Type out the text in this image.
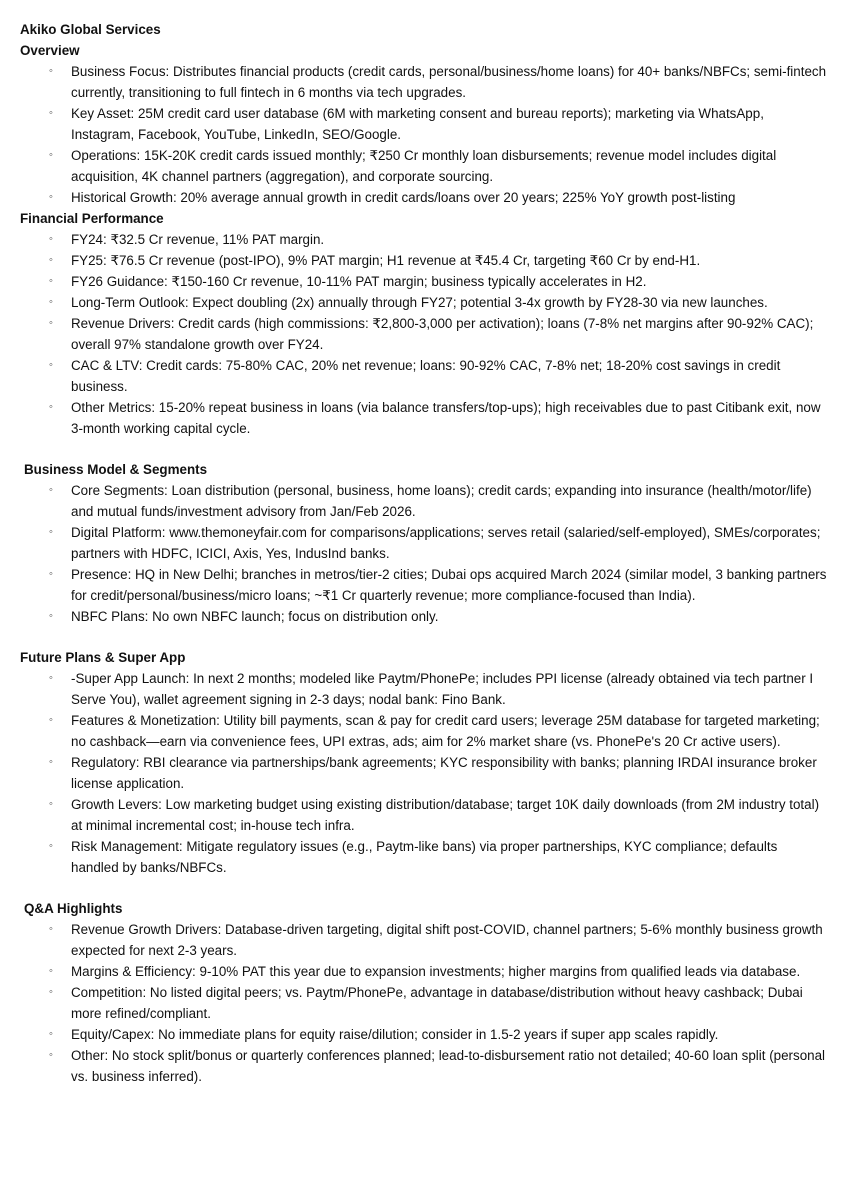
Akiko Global Services
Overview
◦	Business Focus: Distributes financial products (credit cards, personal/business/home loans) for 40+ banks/NBFCs; semi-fintech currently, transitioning to full fintech in 6 months via tech upgrades.
◦	Key Asset: 25M credit card user database (6M with marketing consent and bureau reports); marketing via WhatsApp, Instagram, Facebook, YouTube, LinkedIn, SEO/Google.
◦	Operations: 15K-20K credit cards issued monthly; ₹250 Cr monthly loan disbursements; revenue model includes digital acquisition, 4K channel partners (aggregation), and corporate sourcing.
◦	Historical Growth: 20% average annual growth in credit cards/loans over 20 years; 225% YoY growth post-listing
Financial Performance
◦	FY24: ₹32.5 Cr revenue, 11% PAT margin.
◦	FY25: ₹76.5 Cr revenue (post-IPO), 9% PAT margin; H1 revenue at ₹45.4 Cr, targeting ₹60 Cr by end-H1.
◦	FY26 Guidance: ₹150-160 Cr revenue, 10-11% PAT margin; business typically accelerates in H2.
◦	Long-Term Outlook: Expect doubling (2x) annually through FY27; potential 3-4x growth by FY28-30 via new launches.
◦	Revenue Drivers: Credit cards (high commissions: ₹2,800-3,000 per activation); loans (7-8% net margins after 90-92% CAC); overall 97% standalone growth over FY24.
◦	CAC & LTV: Credit cards: 75-80% CAC, 20% net revenue; loans: 90-92% CAC, 7-8% net; 18-20% cost savings in credit business.
◦	Other Metrics: 15-20% repeat business in loans (via balance transfers/top-ups); high receivables due to past Citibank exit, now 3-month working capital cycle.
Business Model & Segments
◦	Core Segments: Loan distribution (personal, business, home loans); credit cards; expanding into insurance (health/motor/life) and mutual funds/investment advisory from Jan/Feb 2026.
◦	Digital Platform: www.themoneyfair.com for comparisons/applications; serves retail (salaried/self-employed), SMEs/corporates; partners with HDFC, ICICI, Axis, Yes, IndusInd banks.
◦	Presence: HQ in New Delhi; branches in metros/tier-2 cities; Dubai ops acquired March 2024 (similar model, 3 banking partners for credit/personal/business/micro loans; ~₹1 Cr quarterly revenue; more compliance-focused than India).
◦	NBFC Plans: No own NBFC launch; focus on distribution only.
Future Plans & Super App
◦	-Super App Launch: In next 2 months; modeled like Paytm/PhonePe; includes PPI license (already obtained via tech partner I Serve You), wallet agreement signing in 2-3 days; nodal bank: Fino Bank.
◦	Features & Monetization: Utility bill payments, scan & pay for credit card users; leverage 25M database for targeted marketing; no cashback—earn via convenience fees, UPI extras, ads; aim for 2% market share (vs. PhonePe's 20 Cr active users).
◦	Regulatory: RBI clearance via partnerships/bank agreements; KYC responsibility with banks; planning IRDAI insurance broker license application.
◦	Growth Levers: Low marketing budget using existing distribution/database; target 10K daily downloads (from 2M industry total) at minimal incremental cost; in-house tech infra.
◦	Risk Management: Mitigate regulatory issues (e.g., Paytm-like bans) via proper partnerships, KYC compliance; defaults handled by banks/NBFCs.
Q&A Highlights
◦	Revenue Growth Drivers: Database-driven targeting, digital shift post-COVID, channel partners; 5-6% monthly business growth expected for next 2-3 years.
◦	Margins & Efficiency: 9-10% PAT this year due to expansion investments; higher margins from qualified leads via database.
◦	Competition: No listed digital peers; vs. Paytm/PhonePe, advantage in database/distribution without heavy cashback; Dubai more refined/compliant.
◦	Equity/Capex: No immediate plans for equity raise/dilution; consider in 1.5-2 years if super app scales rapidly.
◦	Other: No stock split/bonus or quarterly conferences planned; lead-to-disbursement ratio not detailed; 40-60 loan split (personal vs. business inferred).
